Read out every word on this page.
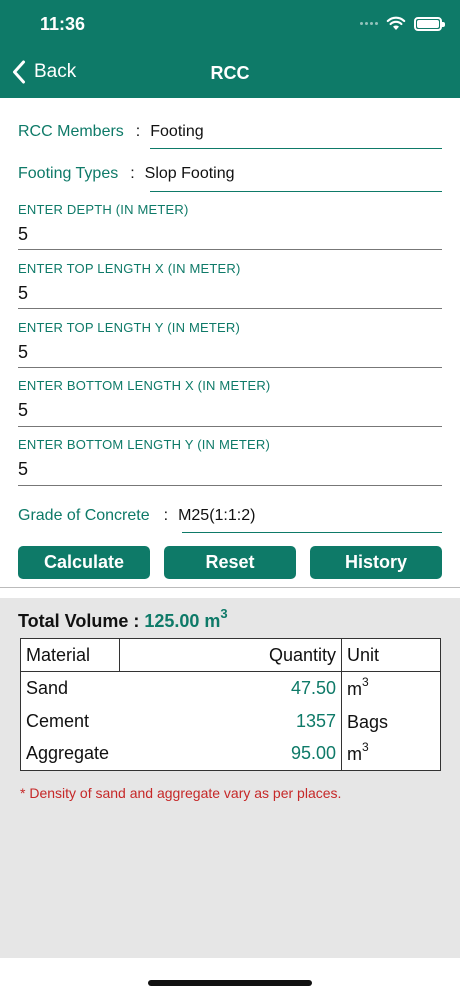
11:36
Back	RCC
RCC Members : Footing
Footing Types : Slop Footing
ENTER DEPTH (IN METER)
5
ENTER TOP LENGTH X (IN METER)
5
ENTER TOP LENGTH Y (IN METER)
5
ENTER BOTTOM LENGTH X (IN METER)
5
ENTER BOTTOM LENGTH Y (IN METER)
5
Grade of Concrete : M25(1:1:2)
Calculate	Reset	History
Total Volume : 125.00 $m^3$
Material	Quantity	Unit
Sand	47.50	$m^3$
Cement	1357	Bags
Aggregate	95.00	$m^3$
* Density of sand and aggregate vary as per places.
